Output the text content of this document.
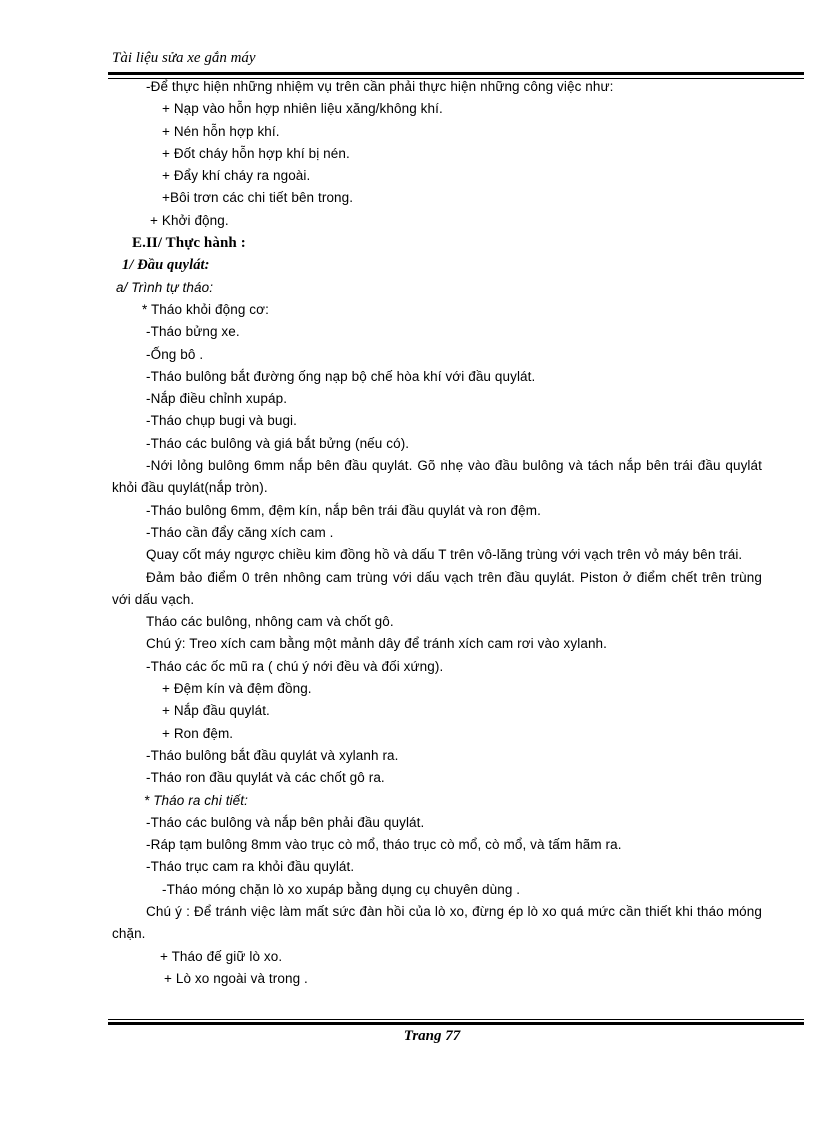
Tài liệu sửa xe gắn máy
-Để thực hiện những nhiệm vụ trên cần phải thực hiện những công việc như:
+ Nạp vào hỗn hợp nhiên liệu xăng/không khí.
+ Nén hỗn hợp khí.
+ Đốt cháy hỗn hợp khí bị nén.
+ Đẩy khí cháy ra ngoài.
+Bôi trơn các chi tiết bên trong.
+ Khởi động.
E.II/ Thực hành :
1/ Đầu quylát:
a/ Trình tự tháo:
* Tháo khỏi động cơ:
-Tháo bửng xe.
-Ống bô .
-Tháo bulông bắt đường ống nạp bộ chế hòa khí với đầu quylát.
-Nắp điều chỉnh xupáp.
-Tháo chụp bugi và bugi.
-Tháo các bulông và giá bắt bửng (nếu có).
-Nới lỏng bulông 6mm nắp bên đầu quylát. Gõ nhẹ vào đầu bulông và tách nắp bên trái đầu quylát khỏi đầu quylát(nắp tròn).
-Tháo bulông 6mm, đệm kín, nắp bên trái đầu quylát và ron đệm.
-Tháo cần đẩy căng xích cam .
Quay cốt máy ngược chiều kim đồng hồ và dấu T trên vô-lăng trùng với vạch trên vỏ máy bên trái.
Đảm bảo điểm 0 trên nhông cam trùng với dấu vạch trên đầu quylát. Piston ở điểm chết trên trùng với dấu vạch.
Tháo các bulông, nhông cam và chốt gô.
Chú ý: Treo xích cam bằng một mảnh dây để tránh xích cam rơi vào xylanh.
-Tháo các ốc mũ ra ( chú ý nới đều và đối xứng).
+ Đệm kín và đệm đồng.
+ Nắp đầu quylát.
+ Ron đệm.
-Tháo bulông bắt đầu quylát và xylanh ra.
-Tháo ron đầu quylát và các chốt gô ra.
* Tháo ra chi tiết:
-Tháo các bulông và nắp bên phải đầu quylát.
-Ráp tạm bulông 8mm vào trục cò mổ, tháo trục cò mổ, cò mổ, và tấm hãm ra.
-Tháo trục cam ra khỏi đầu quylát.
-Tháo móng chặn lò xo xupáp bằng dụng cụ chuyên dùng .
Chú ý : Để tránh việc làm mất sức đàn hồi của lò xo, đừng ép lò xo quá mức cần thiết khi tháo móng chặn.
+ Tháo đế giữ lò xo.
+ Lò xo ngoài và trong .
Trang 77
